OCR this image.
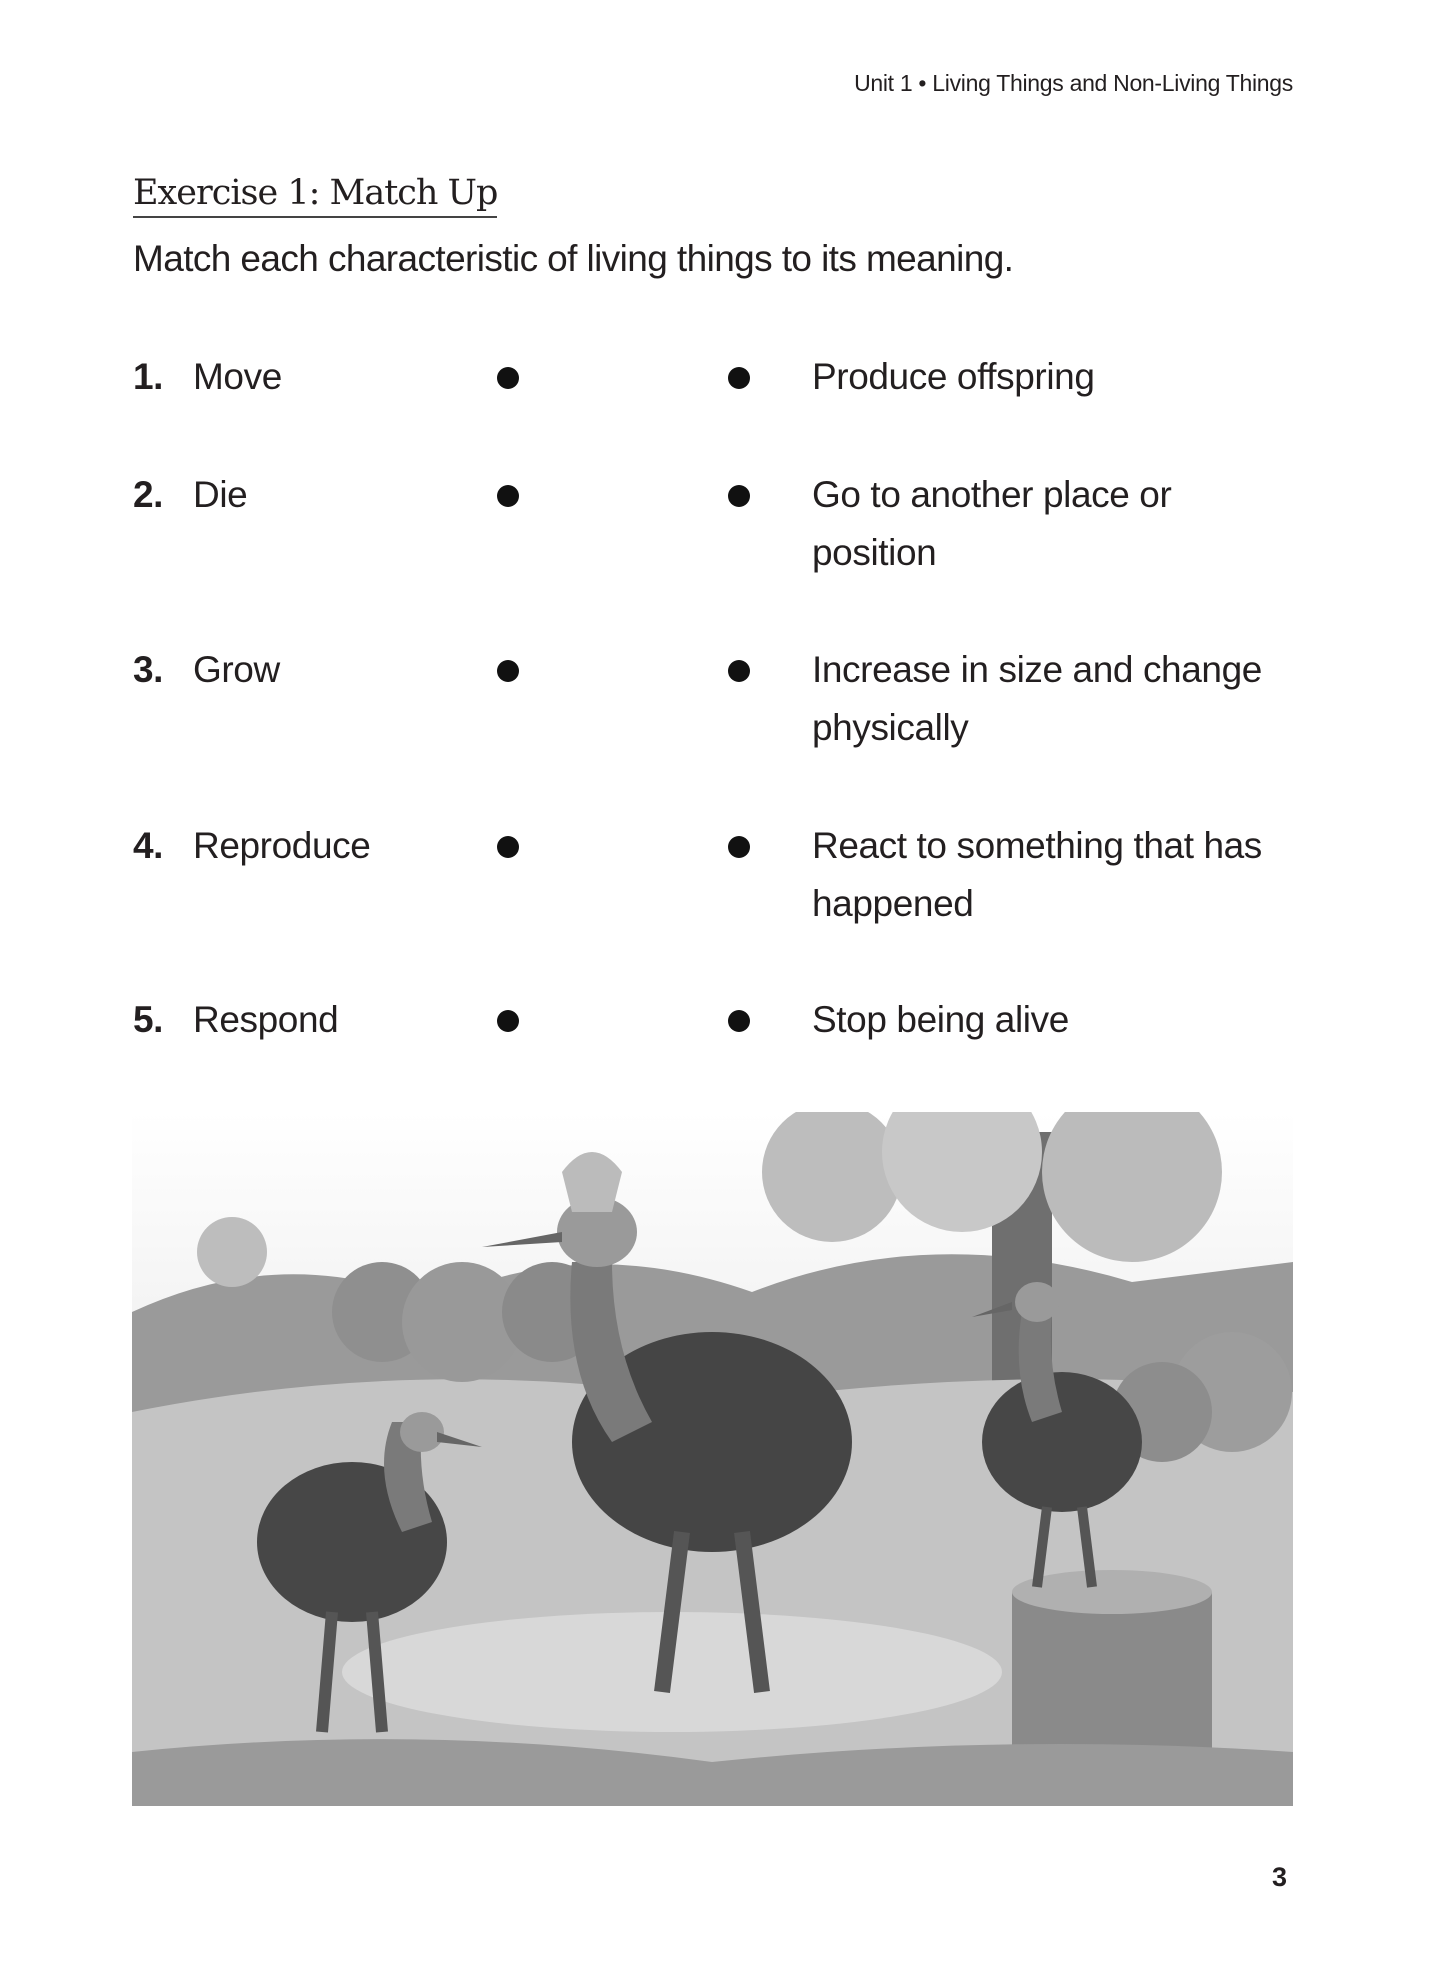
Unit 1 • Living Things and Non-Living Things
Exercise 1: Match Up
Match each characteristic of living things to its meaning.
1. Move	Produce offspring
2. Die	Go to another place or position
3. Grow	Increase in size and change physically
4. Reproduce	React to something that has happened
5. Respond	Stop being alive
3
